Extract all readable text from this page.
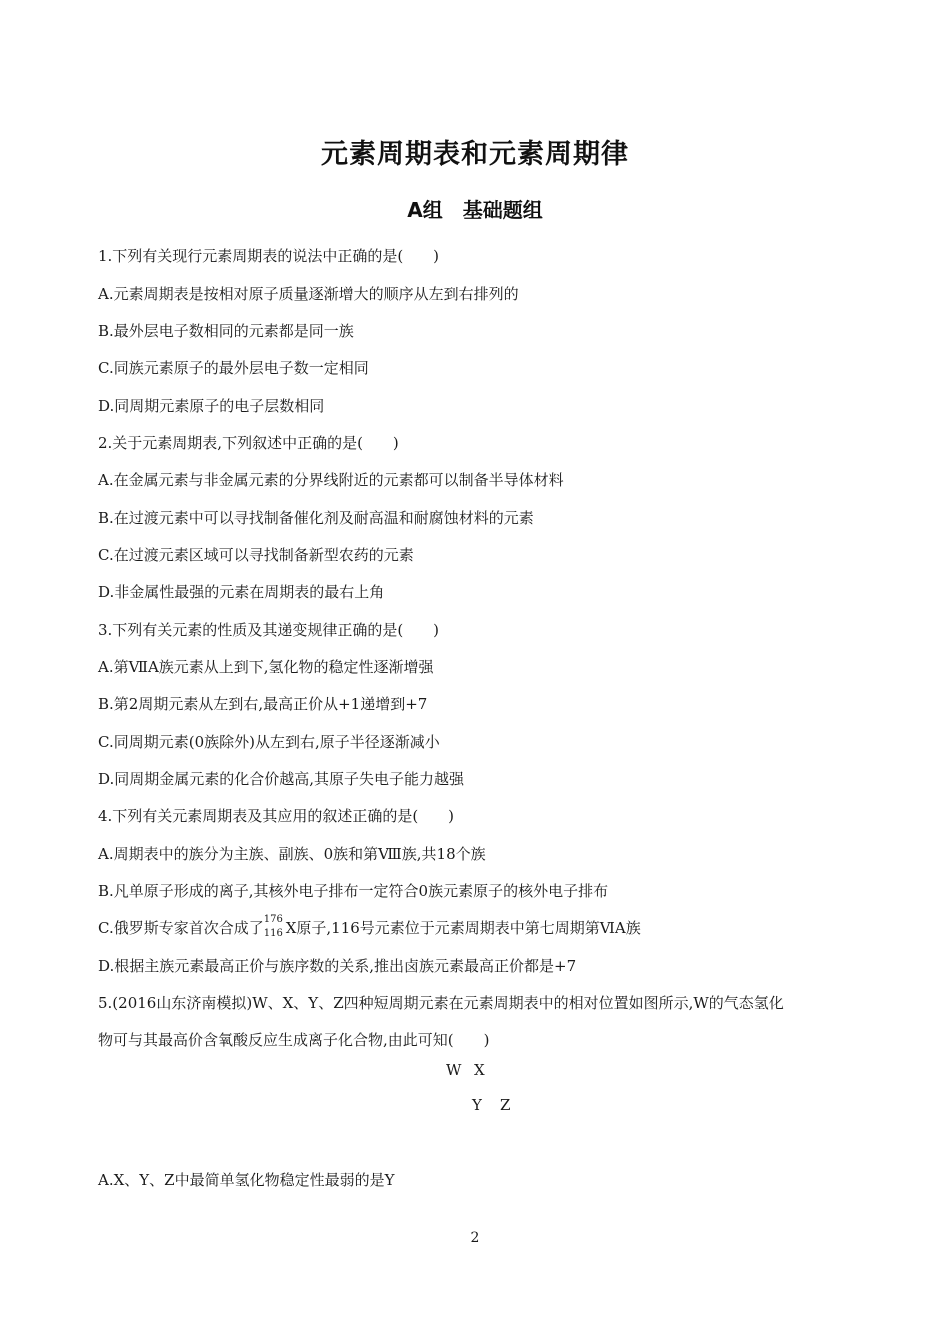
元素周期表和元素周期律
A组　基础题组
1.下列有关现行元素周期表的说法中正确的是(　　)
A.元素周期表是按相对原子质量逐渐增大的顺序从左到右排列的
B.最外层电子数相同的元素都是同一族
C.同族元素原子的最外层电子数一定相同
D.同周期元素原子的电子层数相同
2.关于元素周期表,下列叙述中正确的是(　　)
A.在金属元素与非金属元素的分界线附近的元素都可以制备半导体材料
B.在过渡元素中可以寻找制备催化剂及耐高温和耐腐蚀材料的元素
C.在过渡元素区域可以寻找制备新型农药的元素
D.非金属性最强的元素在周期表的最右上角
3.下列有关元素的性质及其递变规律正确的是(　　)
A.第ⅦA族元素从上到下,氢化物的稳定性逐渐增强
B.第2周期元素从左到右,最高正价从+1递增到+7
C.同周期元素(0族除外)从左到右,原子半径逐渐减小
D.同周期金属元素的化合价越高,其原子失电子能力越强
4.下列有关元素周期表及其应用的叙述正确的是(　　)
A.周期表中的族分为主族、副族、0族和第Ⅷ族,共18个族
B.凡单原子形成的离子,其核外电子排布一定符合0族元素原子的核外电子排布
C.俄罗斯专家首次合成了 176
116 X原子,116号元素位于元素周期表中第七周期第ⅥA族
D.根据主族元素最高正价与族序数的关系,推出卤族元素最高正价都是+7
5.(2016山东济南模拟)W、X、Y、Z四种短周期元素在元素周期表中的相对位置如图所示,W的气态氢化
物可与其最高价含氧酸反应生成离子化合物,由此可知(　　)
W X
Y Z
A.X、Y、Z中最简单氢化物稳定性最弱的是Y
2
